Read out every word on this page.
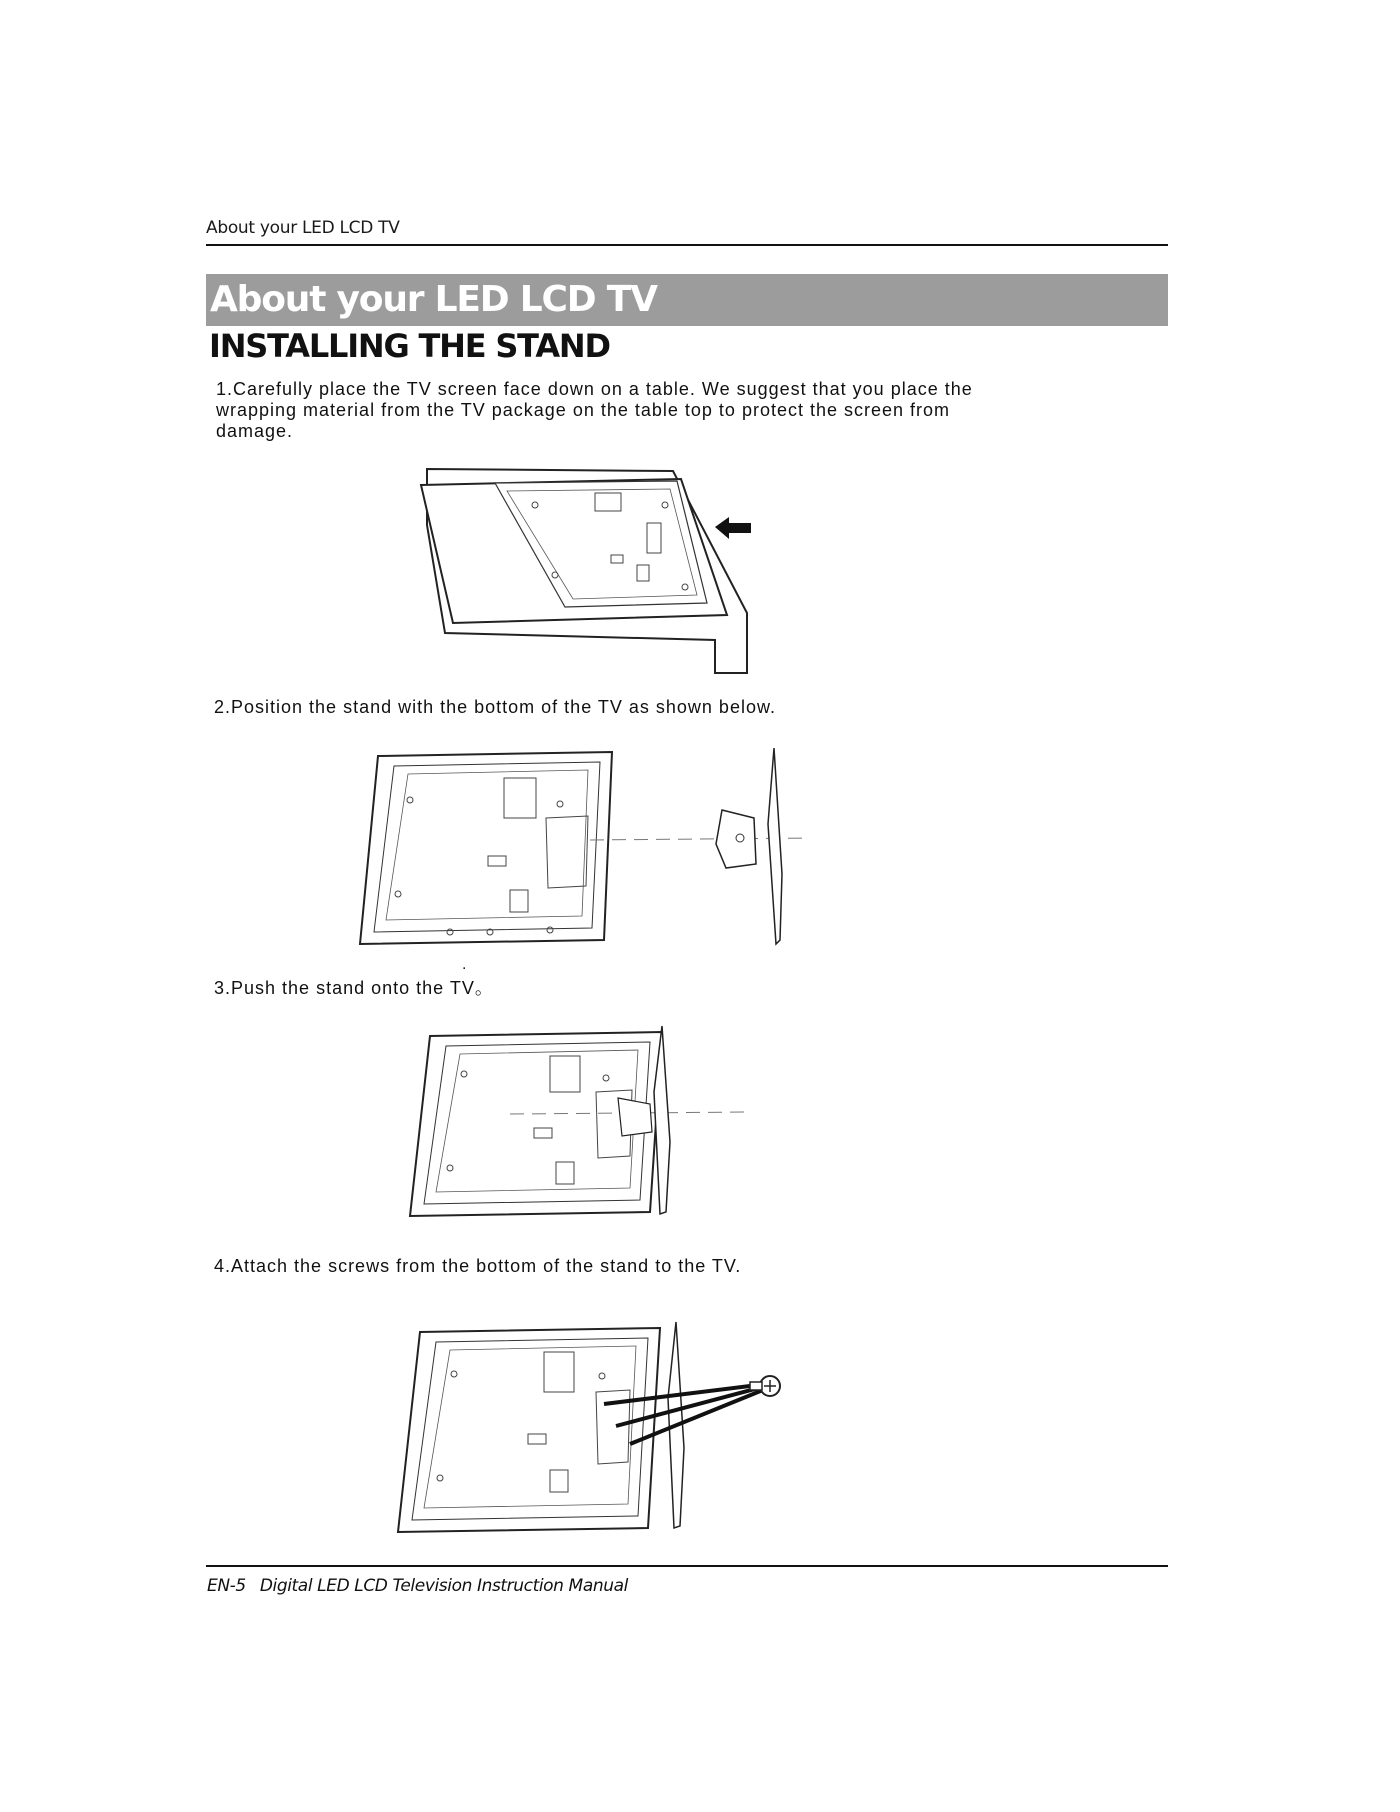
About your LED LCD TV
About your LED LCD TV
INSTALLING THE STAND
1.Carefully place the TV screen face down on a table. We suggest that you place the wrapping material from the TV package on the table top to protect the screen from damage.
2.Position the stand with the bottom of the TV as shown below.
.
3.Push the stand onto the TV。
4.Attach the screws from the bottom of the stand to the TV.
EN-5 Digital LED LCD Television Instruction Manual
